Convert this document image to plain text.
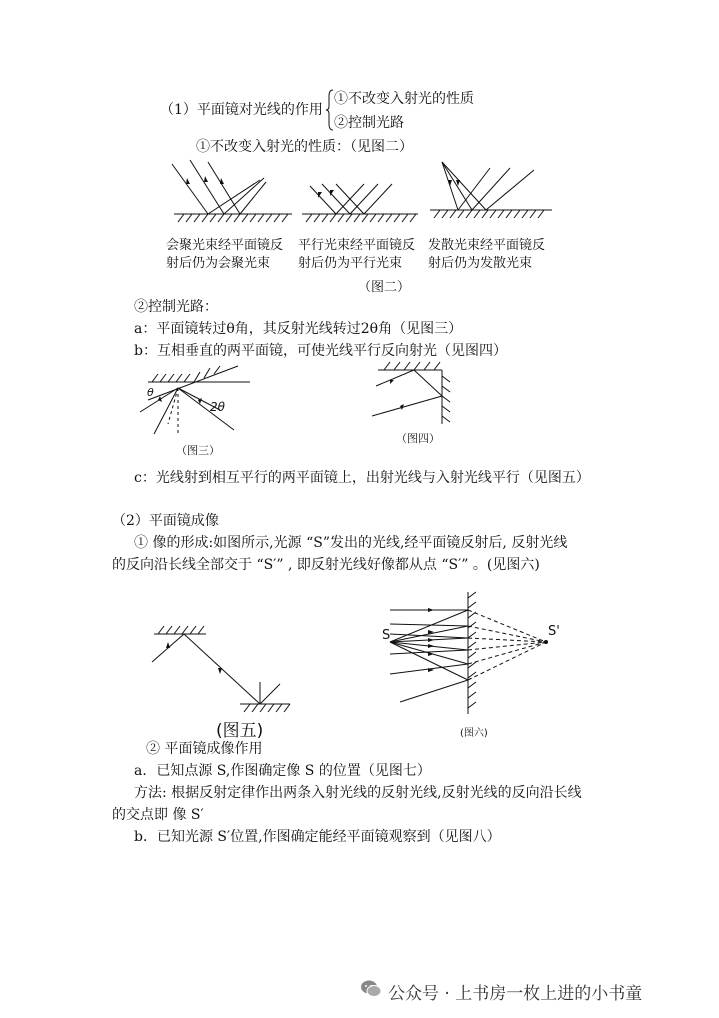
（1）平面镜对光线的作用
①不改变入射光的性质
②控制光路
①不改变入射光的性质：（见图二）
会聚光束经平面镜反
射后仍为会聚光束
平行光束经平面镜反
射后仍为平行光束
发散光束经平面镜反
射后仍为发散光束
（图二）
②控制光路：
a：平面镜转过θ角，其反射光线转过2θ角（见图三）
b：互相垂直的两平面镜，可使光线平行反向射光（见图四）
θ
2θ
（图三）
（图四）
c：光线射到相互平行的两平面镜上，出射光线与入射光线平行（见图五）
（2）平面镜成像
① 像的形成:如图所示,光源 “S”发出的光线,经平面镜反射后, 反射光线
的反向沿长线全部交于 “S′” , 即反射光线好像都从点 “S′” 。(见图六)
(图五)
S	S'
(图六)
② 平面镜成像作用
a．已知点源 S,作图确定像 S 的位置（见图七）
方法: 根据反射定律作出两条入射光线的反射光线,反射光线的反向沿长线
的交点即 像 S′
b．已知光源 S′位置,作图确定能经平面镜观察到（见图八）
公众号 · 上书房一枚上进的小书童
